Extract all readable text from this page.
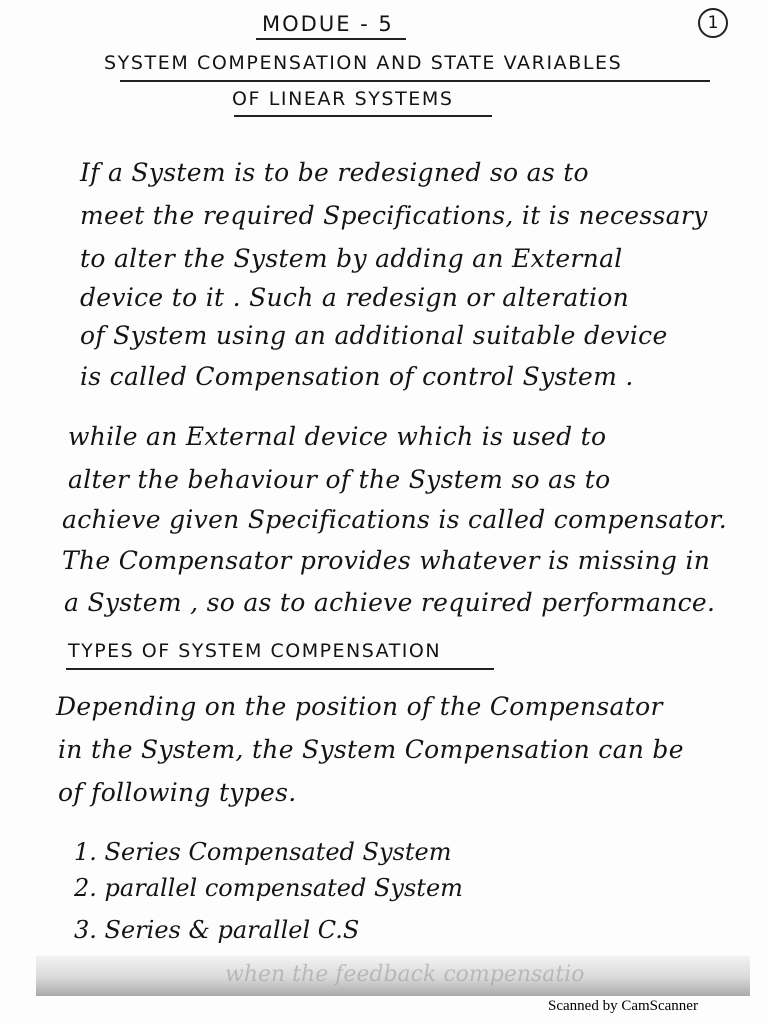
MODUE - 5	1
SYSTEM COMPENSATION AND STATE VARIABLES
OF LINEAR SYSTEMS
If a System is to be redesigned so as to
meet the required Specifications, it is necessary
to alter the System by adding an External
device to it . Such a redesign or alteration
of System using an additional suitable device
is called Compensation of control System .
while an External device which is used to
alter the behaviour of the System so as to
achieve given Specifications is called compensator.
The Compensator provides whatever is missing in
a System , so as to achieve required performance.
TYPES OF SYSTEM COMPENSATION
Depending on the position of the Compensator
in the System, the System Compensation can be
of following types.
1. Series Compensated System
2. parallel compensated System
3. Series & parallel C.S
when the feedback compensatio
Scanned by CamScanner
